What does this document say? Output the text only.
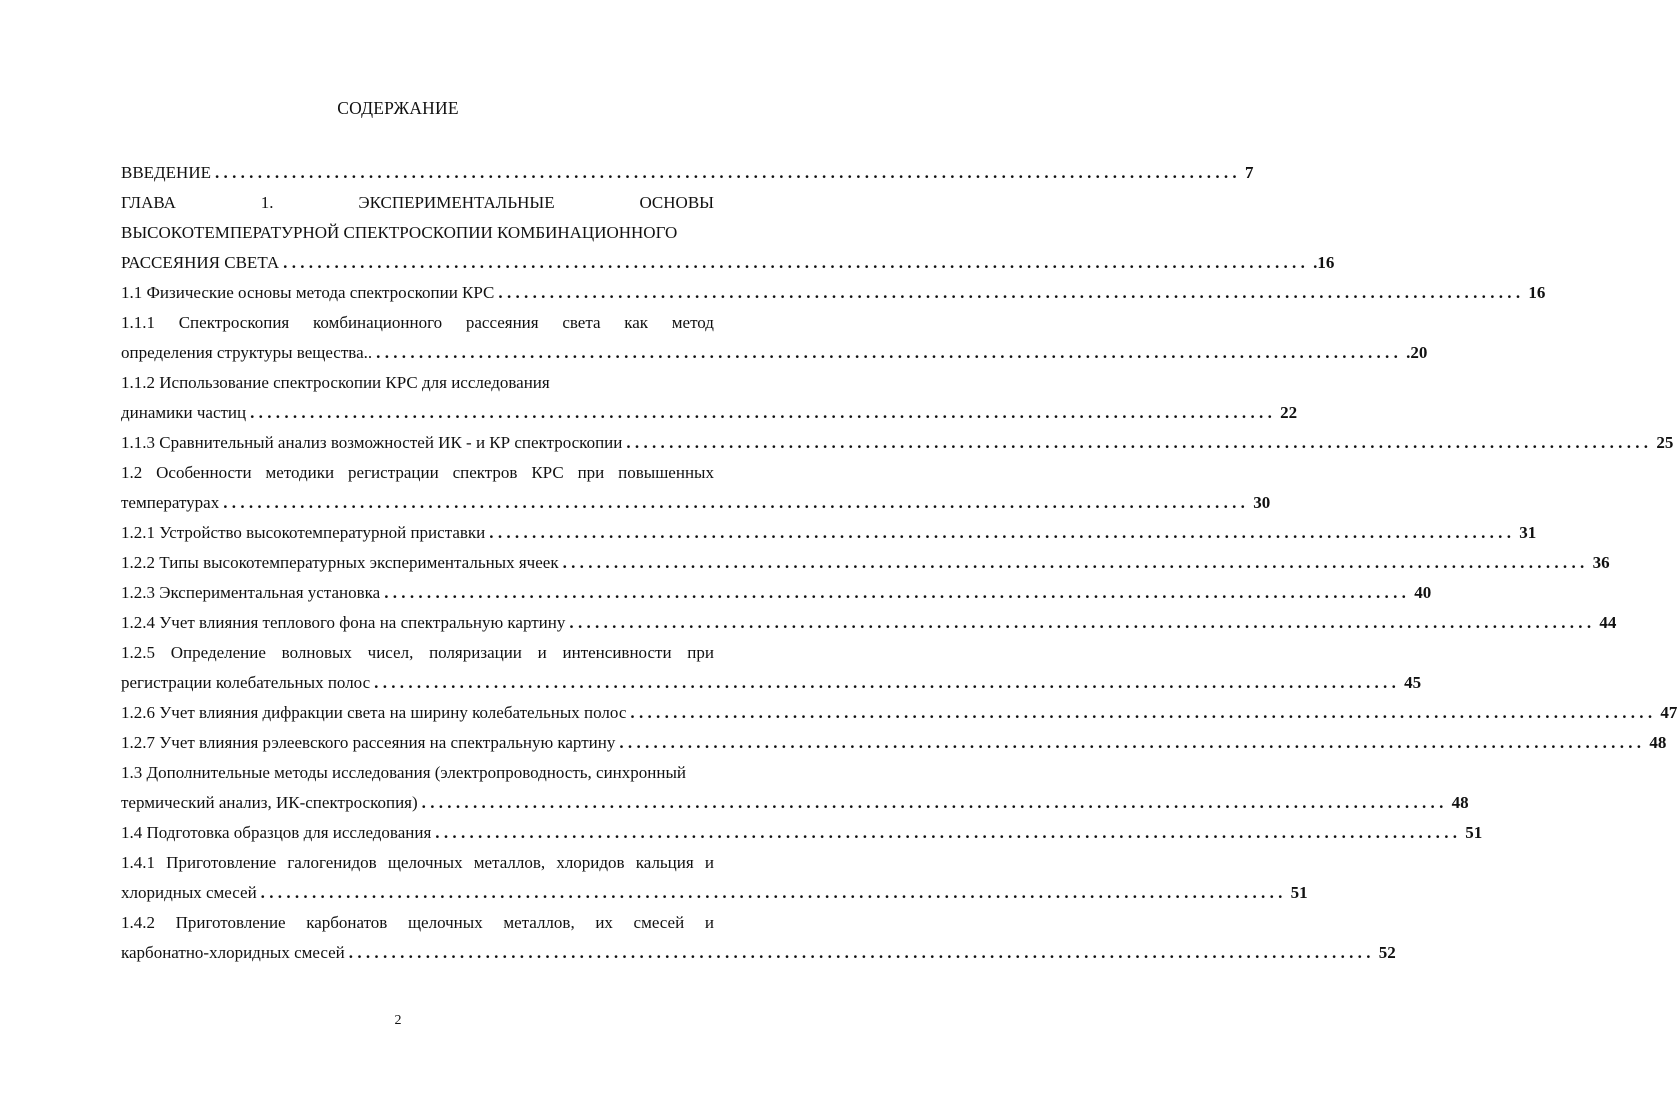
СОДЕРЖАНИЕ
ВВЕДЕНИЕ ........................................................................................................................ 7
ГЛАВА	1.	ЭКСПЕРИМЕНТАЛЬНЫЕ	ОСНОВЫ
ВЫСОКОТЕМПЕРАТУРНОЙ СПЕКТРОСКОПИИ КОМБИНАЦИОННОГО
РАССЕЯНИЯ СВЕТА ........................................................................................................................ .16
1.1 Физические основы метода спектроскопии КРС ........................................................................................................................ 16
1.1.1 Спектроскопия комбинационного рассеяния света как метод
определения структуры вещества.. ........................................................................................................................ .20
1.1.2 Использование спектроскопии КРС для исследования
динамики частиц ........................................................................................................................ 22
1.1.3 Сравнительный анализ возможностей ИК - и КР спектроскопии ........................................................................................................................ 25
1.2 Особенности методики регистрации спектров КРС при повышенных
температурах ........................................................................................................................ 30
1.2.1 Устройство высокотемпературной приставки ........................................................................................................................ 31
1.2.2 Типы высокотемпературных экспериментальных ячеек ........................................................................................................................ 36
1.2.3 Экспериментальная установка ........................................................................................................................ 40
1.2.4 Учет влияния теплового фона на спектральную картину ........................................................................................................................ 44
1.2.5 Определение волновых чисел, поляризации и интенсивности при
регистрации колебательных полос ........................................................................................................................ 45
1.2.6 Учет влияния дифракции света на ширину колебательных полос ........................................................................................................................ 47
1.2.7 Учет влияния рэлеевского рассеяния на спектральную картину ........................................................................................................................ 48
1.3 Дополнительные методы исследования (электропроводность, синхронный
термический анализ, ИК-спектроскопия) ........................................................................................................................ 48
1.4 Подготовка образцов для исследования ........................................................................................................................ 51
1.4.1 Приготовление галогенидов щелочных металлов, хлоридов кальция и
хлоридных смесей ........................................................................................................................ 51
1.4.2 Приготовление карбонатов щелочных металлов, их смесей и
карбонатно-хлоридных смесей ........................................................................................................................ 52
2
